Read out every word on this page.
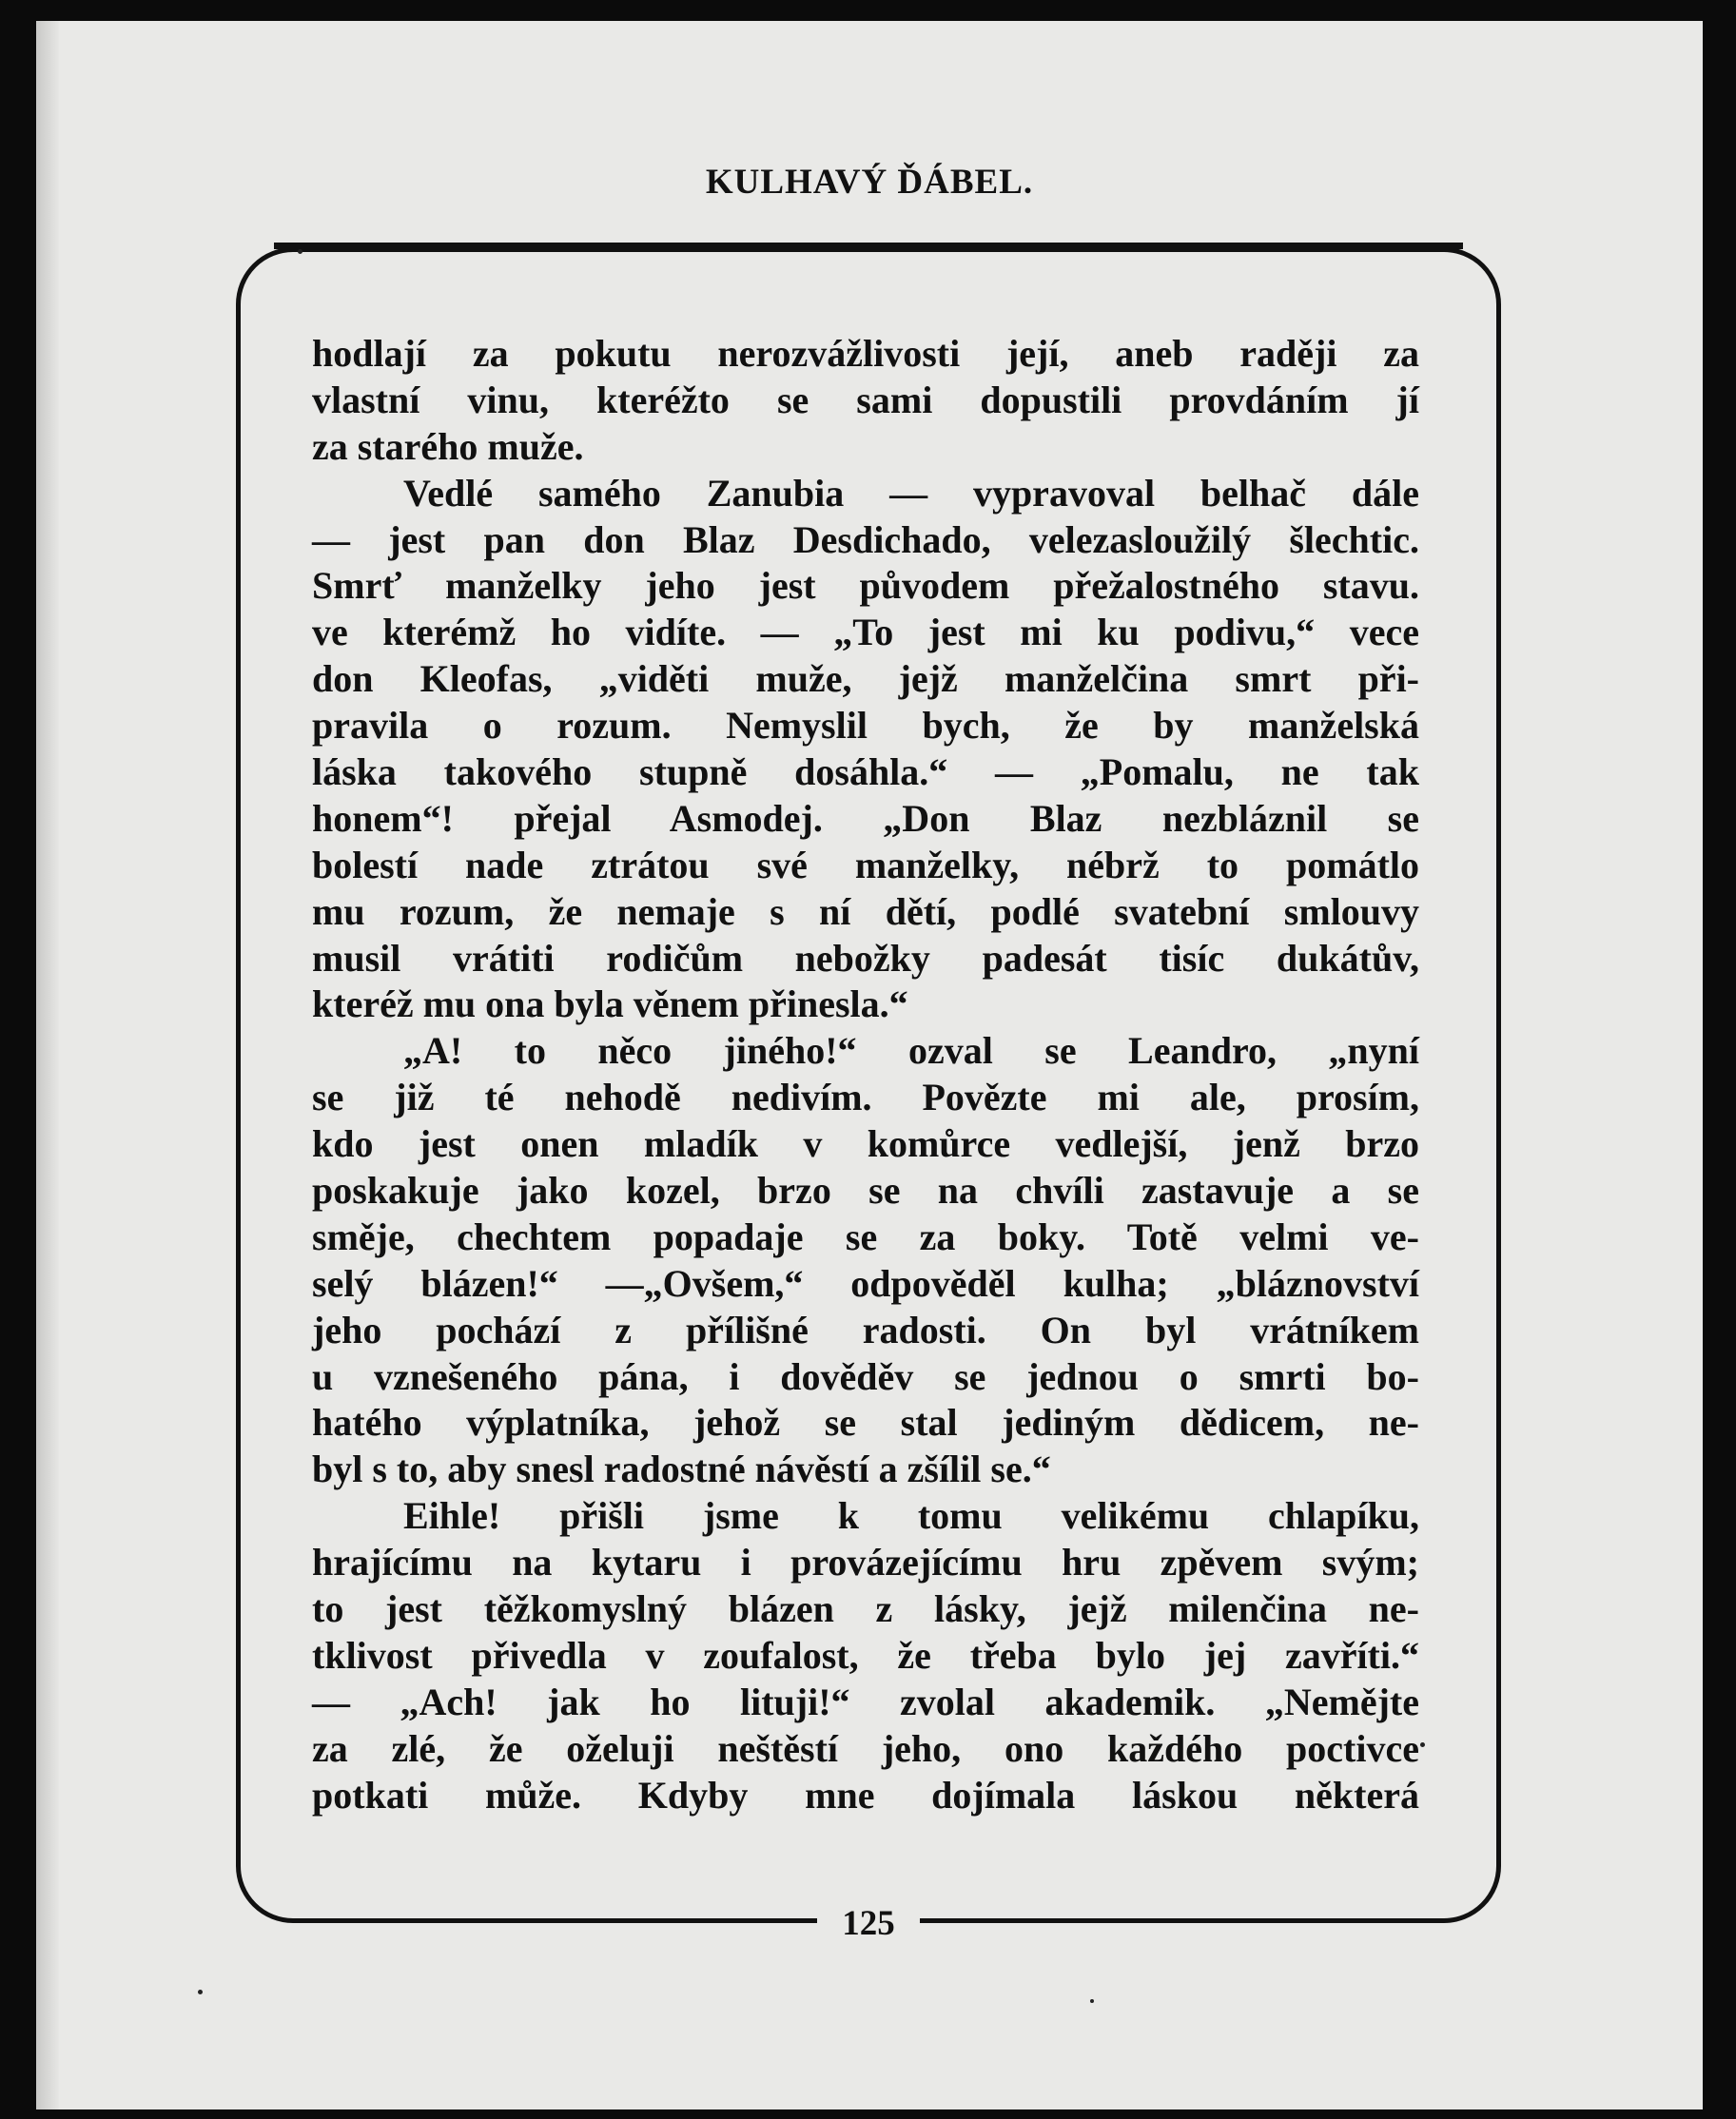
KULHAVÝ ĎÁBEL.
hodlají za pokutu nerozvážlivosti její, aneb raději za
vlastní vinu, kteréžto se sami dopustili provdáním jí
za starého muže.
Vedlé samého Zanubia — vypravoval belhač dále
— jest pan don Blaz Desdichado, velezasloužilý šlechtic.
Smrť manželky jeho jest původem přežalostného stavu.
ve kterémž ho vidíte. — „To jest mi ku podivu,“ vece
don Kleofas, „viděti muže, jejž manželčina smrt při-
pravila o rozum. Nemyslil bych, že by manželská
láska takového stupně dosáhla.“ — „Pomalu, ne tak
honem“! přejal Asmodej. „Don Blaz nezbláznil se
bolestí nade ztrátou své manželky, nébrž to pomátlo
mu rozum, že nemaje s ní dětí, podlé svatební smlouvy
musil vrátiti rodičům nebožky padesát tisíc dukátův,
kteréž mu ona byla věnem přinesla.“
„A! to něco jiného!“ ozval se Leandro, „nyní
se již té nehodě nedivím. Povězte mi ale, prosím,
kdo jest onen mladík v komůrce vedlejší, jenž brzo
poskakuje jako kozel, brzo se na chvíli zastavuje a se
směje, chechtem popadaje se za boky. Totě velmi ve-
selý blázen!“ —„Ovšem,“ odpověděl kulha; „bláznovství
jeho pochází z přílišné radosti. On byl vrátníkem
u vznešeného pána, i dověděv se jednou o smrti bo-
hatého výplatníka, jehož se stal jediným dědicem, ne-
byl s to, aby snesl radostné návěstí a zšílil se.“
Eihle! přišli jsme k tomu velikému chlapíku,
hrajícímu na kytaru i provázejícímu hru zpěvem svým;
to jest těžkomyslný blázen z lásky, jejž milenčina ne-
tklivost přivedla v zoufalost, že třeba bylo jej zavříti.“
— „Ach! jak ho lituji!“ zvolal akademik. „Nemějte
za zlé, že oželuji neštěstí jeho, ono každého poctivce
potkati může. Kdyby mne dojímala láskou některá
125
